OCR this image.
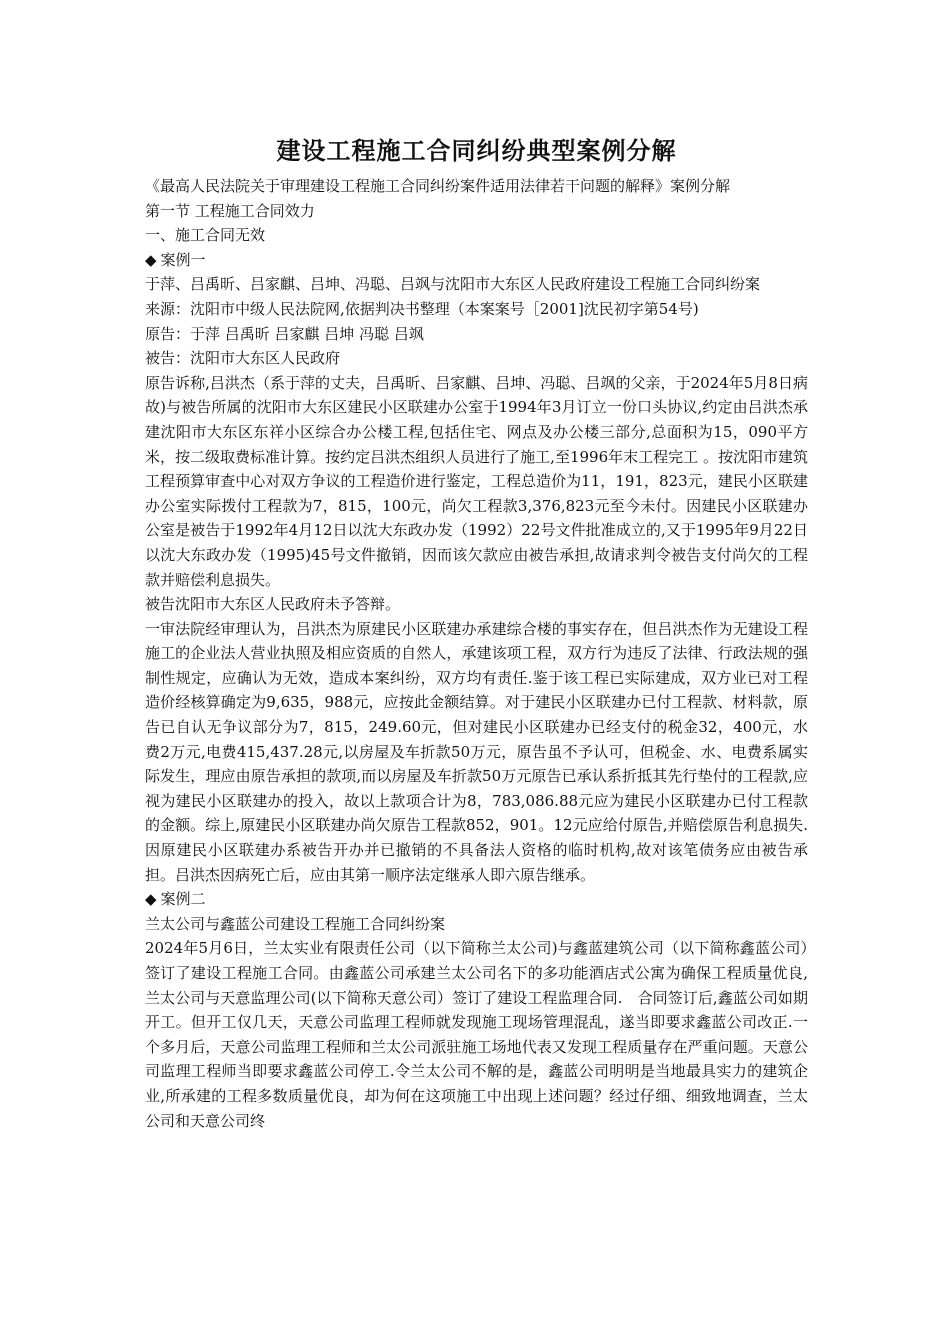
建设工程施工合同纠纷典型案例分解

《最高人民法院关于审理建设工程施工合同纠纷案件适用法律若干问题的解释》案例分解

第一节 工程施工合同效力

一、施工合同无效

◆ 案例一

于萍、吕禹昕、吕家麒、吕坤、冯聪、吕飒与沈阳市大东区人民政府建设工程施工合同纠纷案

来源：沈阳市中级人民法院网,依据判决书整理（本案案号［2001]沈民初字第54号)

原告：于萍 吕禹昕 吕家麒 吕坤 冯聪 吕飒

被告：沈阳市大东区人民政府

原告诉称,吕洪杰（系于萍的丈夫，吕禹昕、吕家麒、吕坤、冯聪、吕飒的父亲，于2024年5月8日病故)与被告所属的沈阳市大东区建民小区联建办公室于1994年3月订立一份口头协议,约定由吕洪杰承建沈阳市大东区东祥小区综合办公楼工程,包括住宅、网点及办公楼三部分,总面积为15，090平方米，按二级取费标准计算。按约定吕洪杰组织人员进行了施工,至1996年末工程完工 。按沈阳市建筑工程预算审查中心对双方争议的工程造价进行鉴定，工程总造价为11，191，823元，建民小区联建办公室实际拨付工程款为7，815，100元，尚欠工程款3,376,823元至今未付。因建民小区联建办公室是被告于1992年4月12日以沈大东政办发（1992）22号文件批准成立的,又于1995年9月22日以沈大东政办发（1995)45号文件撤销，因而该欠款应由被告承担,故请求判令被告支付尚欠的工程款并赔偿利息损失。

被告沈阳市大东区人民政府未予答辩。

一审法院经审理认为，吕洪杰为原建民小区联建办承建综合楼的事实存在，但吕洪杰作为无建设工程施工的企业法人营业执照及相应资质的自然人，承建该项工程，双方行为违反了法律、行政法规的强制性规定，应确认为无效，造成本案纠纷，双方均有责任.鉴于该工程已实际建成，双方业已对工程造价经核算确定为9,635，988元，应按此金额结算。对于建民小区联建办已付工程款、材料款，原告已自认无争议部分为7，815，249.60元，但对建民小区联建办已经支付的税金32，400元，水费2万元,电费415,437.28元,以房屋及车折款50万元，原告虽不予认可，但税金、水、电费系属实际发生，理应由原告承担的款项,而以房屋及车折款50万元原告已承认系折抵其先行垫付的工程款,应视为建民小区联建办的投入，故以上款项合计为8，783,086.88元应为建民小区联建办已付工程款的金额。综上,原建民小区联建办尚欠原告工程款852，901。12元应给付原告,并赔偿原告利息损失.因原建民小区联建办系被告开办并已撤销的不具备法人资格的临时机构,故对该笔债务应由被告承担。吕洪杰因病死亡后，应由其第一顺序法定继承人即六原告继承。

◆ 案例二

兰太公司与鑫蓝公司建设工程施工合同纠纷案

2024年5月6日，兰太实业有限责任公司（以下简称兰太公司)与鑫蓝建筑公司（以下简称鑫蓝公司）签订了建设工程施工合同。由鑫蓝公司承建兰太公司名下的多功能酒店式公寓为确保工程质量优良,兰太公司与天意监理公司(以下简称天意公司）签订了建设工程监理合同.　合同签订后,鑫蓝公司如期开工。但开工仅几天，天意公司监理工程师就发现施工现场管理混乱，遂当即要求鑫蓝公司改正.一个多月后，天意公司监理工程师和兰太公司派驻施工场地代表又发现工程质量存在严重问题。天意公司监理工程师当即要求鑫蓝公司停工.令兰太公司不解的是，鑫蓝公司明明是当地最具实力的建筑企业,所承建的工程多数质量优良，却为何在这项施工中出现上述问题？经过仔细、细致地调查，兰太公司和天意公司终
